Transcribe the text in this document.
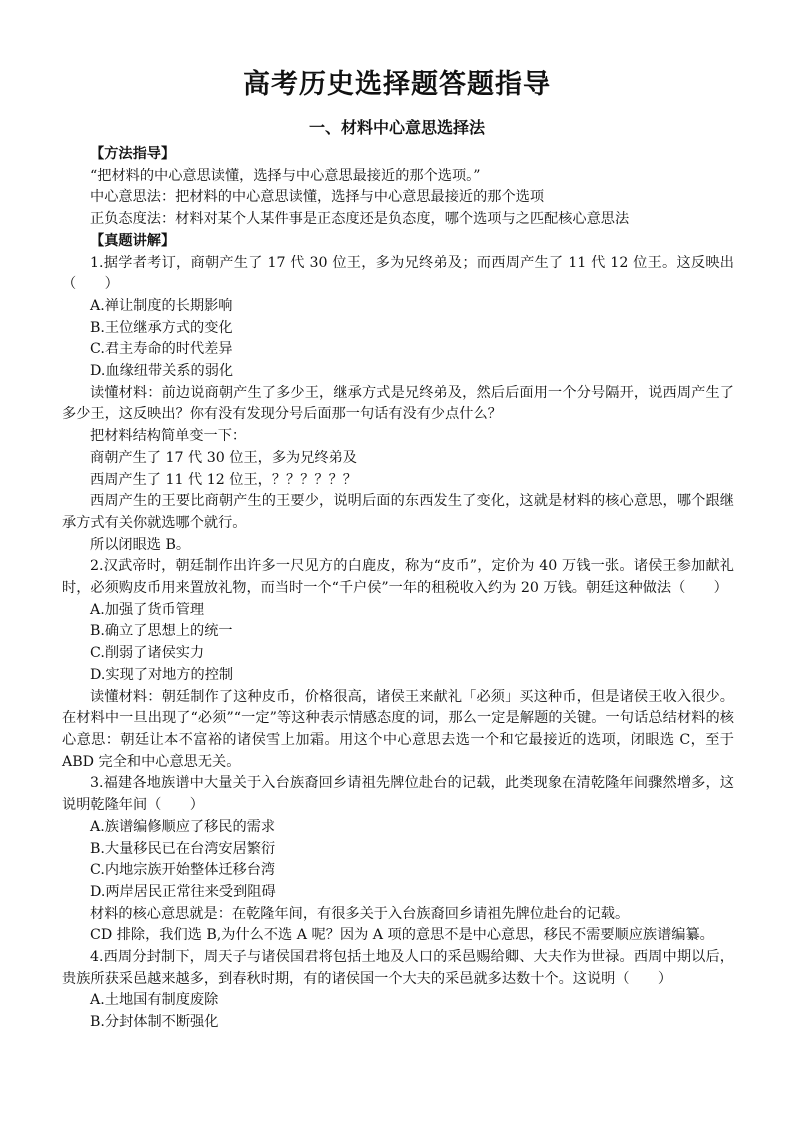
高考历史选择题答题指导
一、材料中心意思选择法

【方法指导】

“把材料的中心意思读懂，选择与中心意思最接近的那个选项。”

中心意思法：把材料的中心意思读懂，选择与中心意思最接近的那个选项

正负态度法：材料对某个人某件事是正态度还是负态度，哪个选项与之匹配核心意思法

【真题讲解】

1.据学者考订，商朝产生了 17 代 30 位王，多为兄终弟及；而西周产生了 11 代 12 位王。这反映出（　　）

A.禅让制度的长期影响

B.王位继承方式的变化

C.君主寿命的时代差异

D.血缘纽带关系的弱化

读懂材料：前边说商朝产生了多少王，继承方式是兄终弟及，然后后面用一个分号隔开，说西周产生了多少王，这反映出？你有没有发现分号后面那一句话有没有少点什么？

把材料结构简单变一下：

商朝产生了 17 代 30 位王，多为兄终弟及

西周产生了 11 代 12 位王，？？？？？？

西周产生的王要比商朝产生的王要少，说明后面的东西发生了变化，这就是材料的核心意思，哪个跟继承方式有关你就选哪个就行。

所以闭眼选 B。

2.汉武帝时，朝廷制作出许多一尺见方的白鹿皮，称为“皮币”，定价为 40 万钱一张。诸侯王参加献礼时，必须购皮币用来置放礼物，而当时一个“千户侯”一年的租税收入约为 20 万钱。朝廷这种做法（　　）

A.加强了货币管理

B.确立了思想上的统一

C.削弱了诸侯实力

D.实现了对地方的控制

读懂材料：朝廷制作了这种皮币，价格很高，诸侯王来献礼「必须」买这种币，但是诸侯王收入很少。在材料中一旦出现了“必须”“一定”等这种表示情感态度的词，那么一定是解题的关键。一句话总结材料的核心意思：朝廷让本不富裕的诸侯雪上加霜。用这个中心意思去选一个和它最接近的选项，闭眼选 C，至于 ABD 完全和中心意思无关。

3.福建各地族谱中大量关于入台族裔回乡请祖先牌位赴台的记载，此类现象在清乾隆年间骤然增多，这说明乾隆年间（　　）

A.族谱编修顺应了移民的需求

B.大量移民已在台湾安居繁衍

C.内地宗族开始整体迁移台湾

D.两岸居民正常往来受到阻碍

材料的核心意思就是：在乾隆年间，有很多关于入台族裔回乡请祖先牌位赴台的记载。

CD 排除，我们选 B,为什么不选 A 呢？因为 A 项的意思不是中心意思，移民不需要顺应族谱编纂。

4.西周分封制下，周天子与诸侯国君将包括土地及人口的采邑赐给卿、大夫作为世禄。西周中期以后，贵族所获采邑越来越多，到春秋时期，有的诸侯国一个大夫的采邑就多达数十个。这说明（　　）

A.土地国有制度废除

B.分封体制不断强化
